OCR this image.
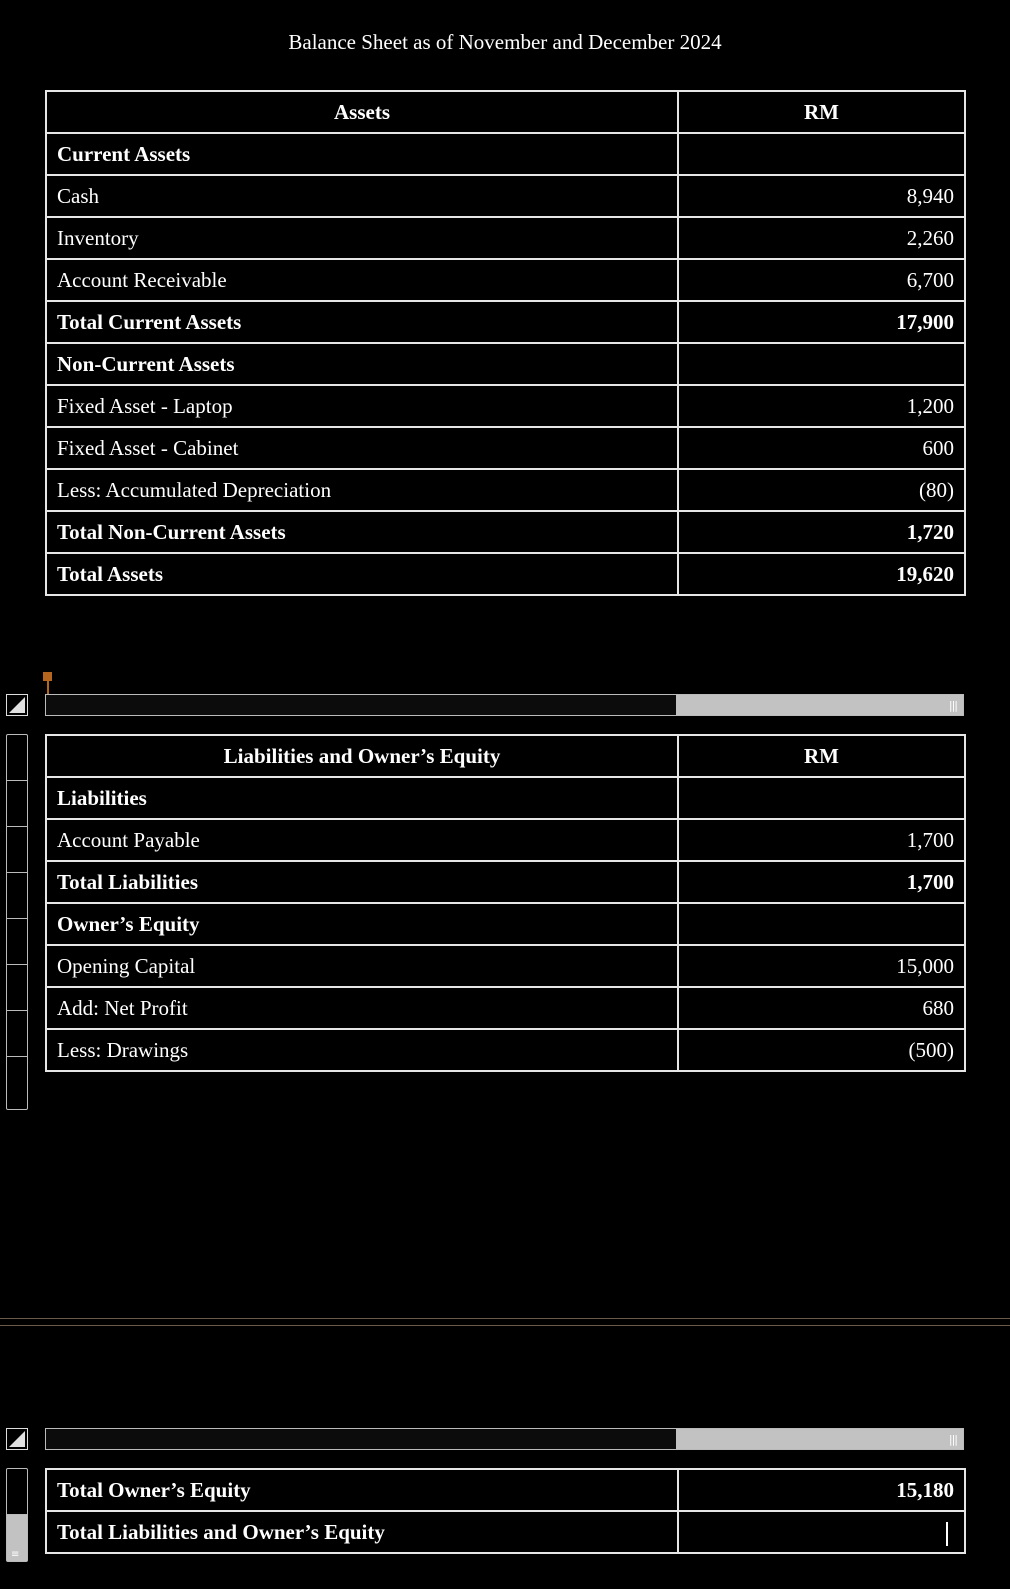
Balance Sheet as of November and December 2024
Assets	RM
Current Assets	
Cash	8,940
Inventory	2,260
Account Receivable	6,700
Total Current Assets	17,900
Non-Current Assets	
Fixed Asset - Laptop	1,200
Fixed Asset - Cabinet	600
Less: Accumulated Depreciation	(80)
Total Non-Current Assets	1,720
Total Assets	19,620
|||
Liabilities and Owner’s Equity	RM
Liabilities	
Account Payable	1,700
Total Liabilities	1,700
Owner’s Equity	
Opening Capital	15,000
Add: Net Profit	680
Less: Drawings	(500)
|||
≡
Total Owner’s Equity	15,180
Total Liabilities and Owner’s Equity	
